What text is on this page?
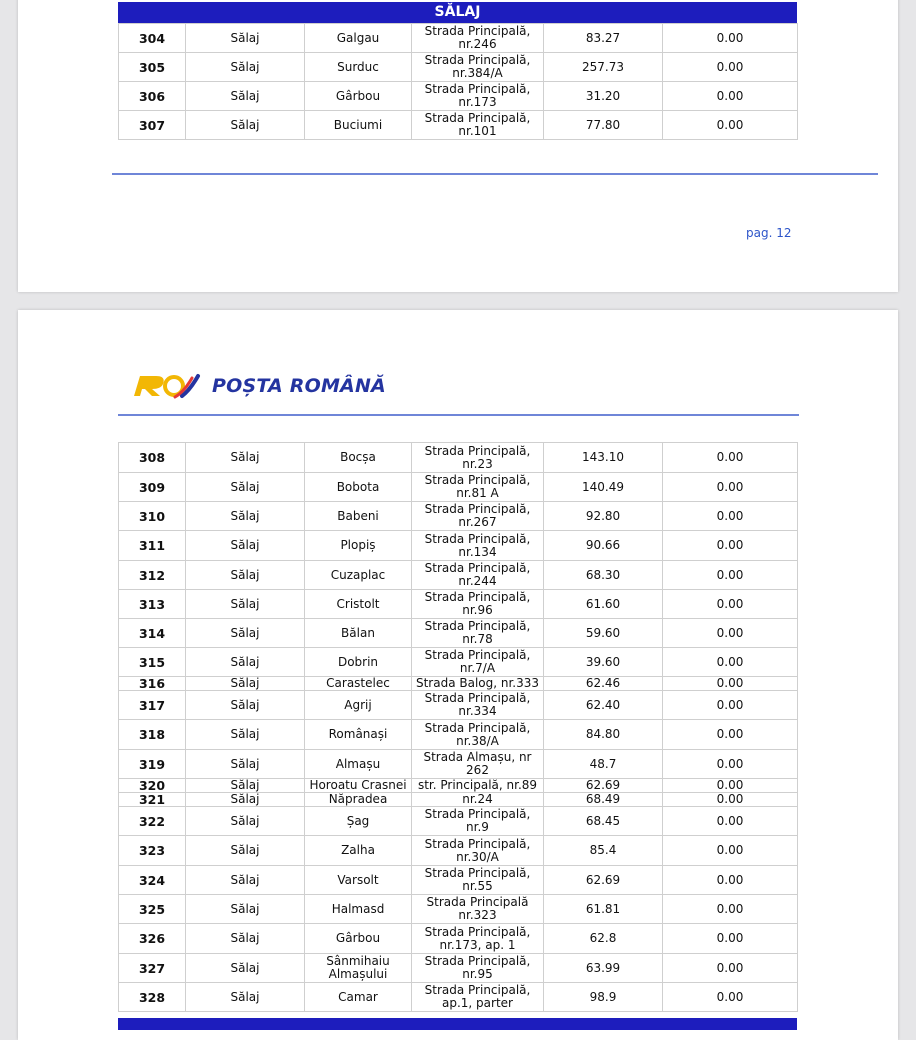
SĂLAJ
304	Sălaj	Galgau	Strada Principală, nr.246	83.27	0.00
305	Sălaj	Surduc	Strada Principală, nr.384/A	257.73	0.00
306	Sălaj	Gârbou	Strada Principală, nr.173	31.20	0.00
307	Sălaj	Buciumi	Strada Principală, nr.101	77.80	0.00
pag. 12
POȘTA ROMÂNĂ
308	Sălaj	Bocșa	Strada Principală, nr.23	143.10	0.00
309	Sălaj	Bobota	Strada Principală, nr.81 A	140.49	0.00
310	Sălaj	Babeni	Strada Principală, nr.267	92.80	0.00
311	Sălaj	Plopiș	Strada Principală, nr.134	90.66	0.00
312	Sălaj	Cuzaplac	Strada Principală, nr.244	68.30	0.00
313	Sălaj	Cristolt	Strada Principală, nr.96	61.60	0.00
314	Sălaj	Bălan	Strada Principală, nr.78	59.60	0.00
315	Sălaj	Dobrin	Strada Principală, nr.7/A	39.60	0.00
316	Sălaj	Carastelec	Strada Balog, nr.333	62.46	0.00
317	Sălaj	Agrij	Strada Principală, nr.334	62.40	0.00
318	Sălaj	Românași	Strada Principală, nr.38/A	84.80	0.00
319	Sălaj	Almașu	Strada Almașu, nr 262	48.7	0.00
320	Sălaj	Horoatu Crasnei	str. Principală, nr.89	62.69	0.00
321	Sălaj	Năpradea	nr.24	68.49	0.00
322	Sălaj	Șag	Strada Principală, nr.9	68.45	0.00
323	Sălaj	Zalha	Strada Principală, nr.30/A	85.4	0.00
324	Sălaj	Varsolt	Strada Principală, nr.55	62.69	0.00
325	Sălaj	Halmasd	Strada Principală nr.323	61.81	0.00
326	Sălaj	Gârbou	Strada Principală, nr.173, ap. 1	62.8	0.00
327	Sălaj	Sânmihaiu Almașului	Strada Principală, nr.95	63.99	0.00
328	Sălaj	Camar	Strada Principală, ap.1, parter	98.9	0.00
